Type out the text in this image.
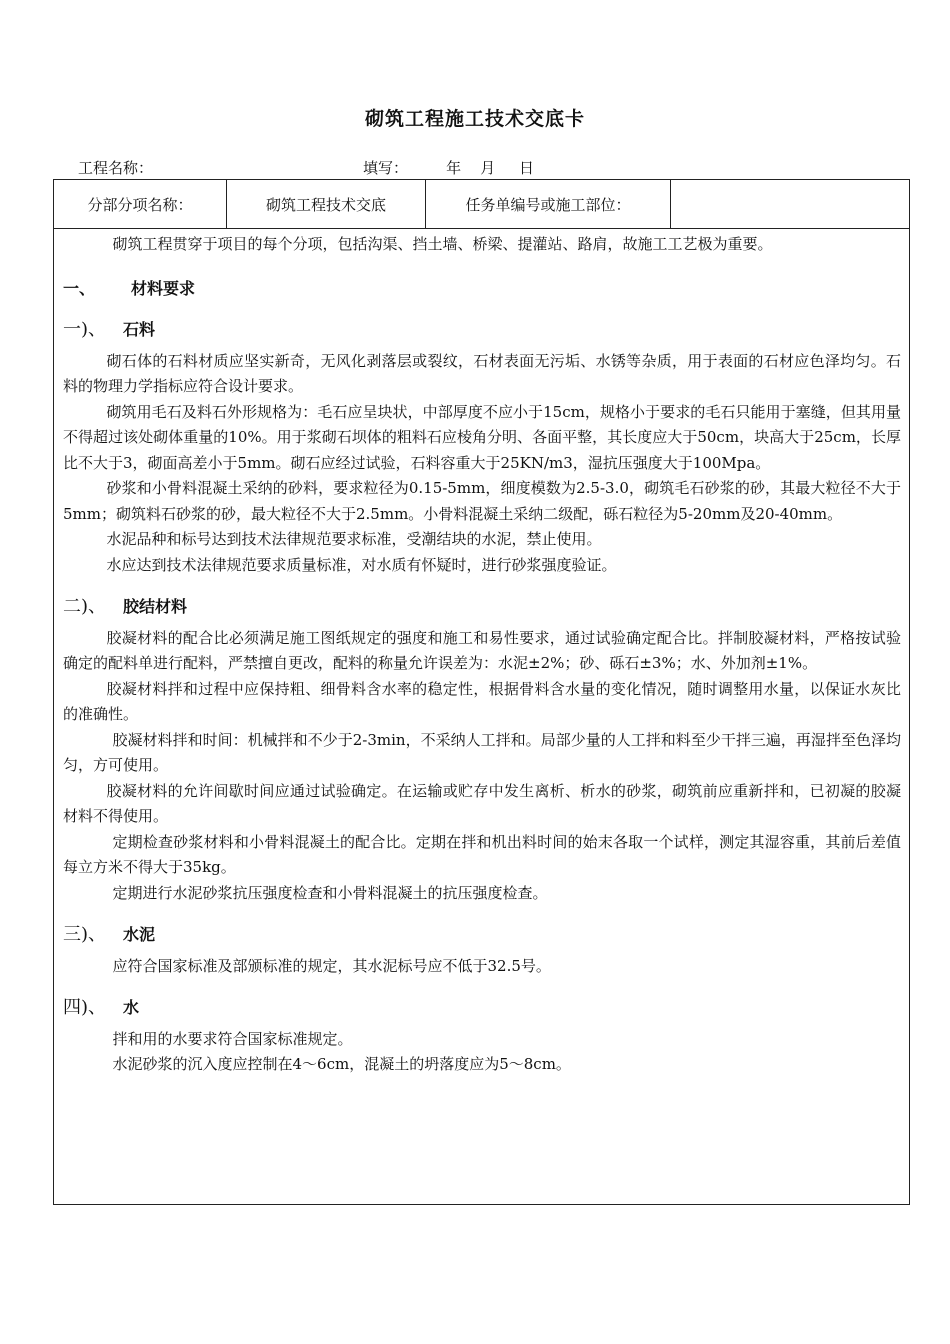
砌筑工程施工技术交底卡
工程名称：	填写：        年    月     日
分部分项名称：	砌筑工程技术交底	任务单编号或施工部位：

砌筑工程贯穿于项目的每个分项，包括沟渠、挡土墙、桥梁、提灌站、路肩，故施工工艺极为重要。

一、	材料要求
一)、	石料

砌石体的石料材质应坚实新奇，无风化剥落层或裂纹，石材表面无污垢、水锈等杂质，用于表面的石材应色泽均匀。石料的物理力学指标应符合设计要求。

砌筑用毛石及料石外形规格为：毛石应呈块状，中部厚度不应小于15cm，规格小于要求的毛石只能用于塞缝，但其用量不得超过该处砌体重量的10%。用于浆砌石坝体的粗料石应棱角分明、各面平整，其长度应大于50cm，块高大于25cm，长厚比不大于3，砌面高差小于5mm。砌石应经过试验，石料容重大于25KN/m3，湿抗压强度大于100Mpa。

砂浆和小骨料混凝土采纳的砂料，要求粒径为0.15-5mm，细度模数为2.5-3.0，砌筑毛石砂浆的砂，其最大粒径不大于5mm；砌筑料石砂浆的砂，最大粒径不大于2.5mm。小骨料混凝土采纳二级配，砾石粒径为5-20mm及20-40mm。

水泥品种和标号达到技术法律规范要求标准，受潮结块的水泥，禁止使用。

水应达到技术法律规范要求质量标准，对水质有怀疑时，进行砂浆强度验证。

二)、	胶结材料

胶凝材料的配合比必须满足施工图纸规定的强度和施工和易性要求，通过试验确定配合比。拌制胶凝材料，严格按试验确定的配料单进行配料，严禁擅自更改，配料的称量允许误差为：水泥±2%；砂、砾石±3%；水、外加剂±1%。

胶凝材料拌和过程中应保持粗、细骨料含水率的稳定性，根据骨料含水量的变化情况，随时调整用水量，以保证水灰比的准确性。

胶凝材料拌和时间：机械拌和不少于2-3min，不采纳人工拌和。局部少量的人工拌和料至少干拌三遍，再湿拌至色泽均匀，方可使用。

胶凝材料的允许间歇时间应通过试验确定。在运输或贮存中发生离析、析水的砂浆，砌筑前应重新拌和，已初凝的胶凝材料不得使用。

定期检查砂浆材料和小骨料混凝土的配合比。定期在拌和机出料时间的始末各取一个试样，测定其湿容重，其前后差值每立方米不得大于35kg。

定期进行水泥砂浆抗压强度检查和小骨料混凝土的抗压强度检查。

三)、	水泥

应符合国家标准及部颁标准的规定，其水泥标号应不低于32.5号。

四)、	水

拌和用的水要求符合国家标准规定。

水泥砂浆的沉入度应控制在4～6cm，混凝土的坍落度应为5～8cm。
